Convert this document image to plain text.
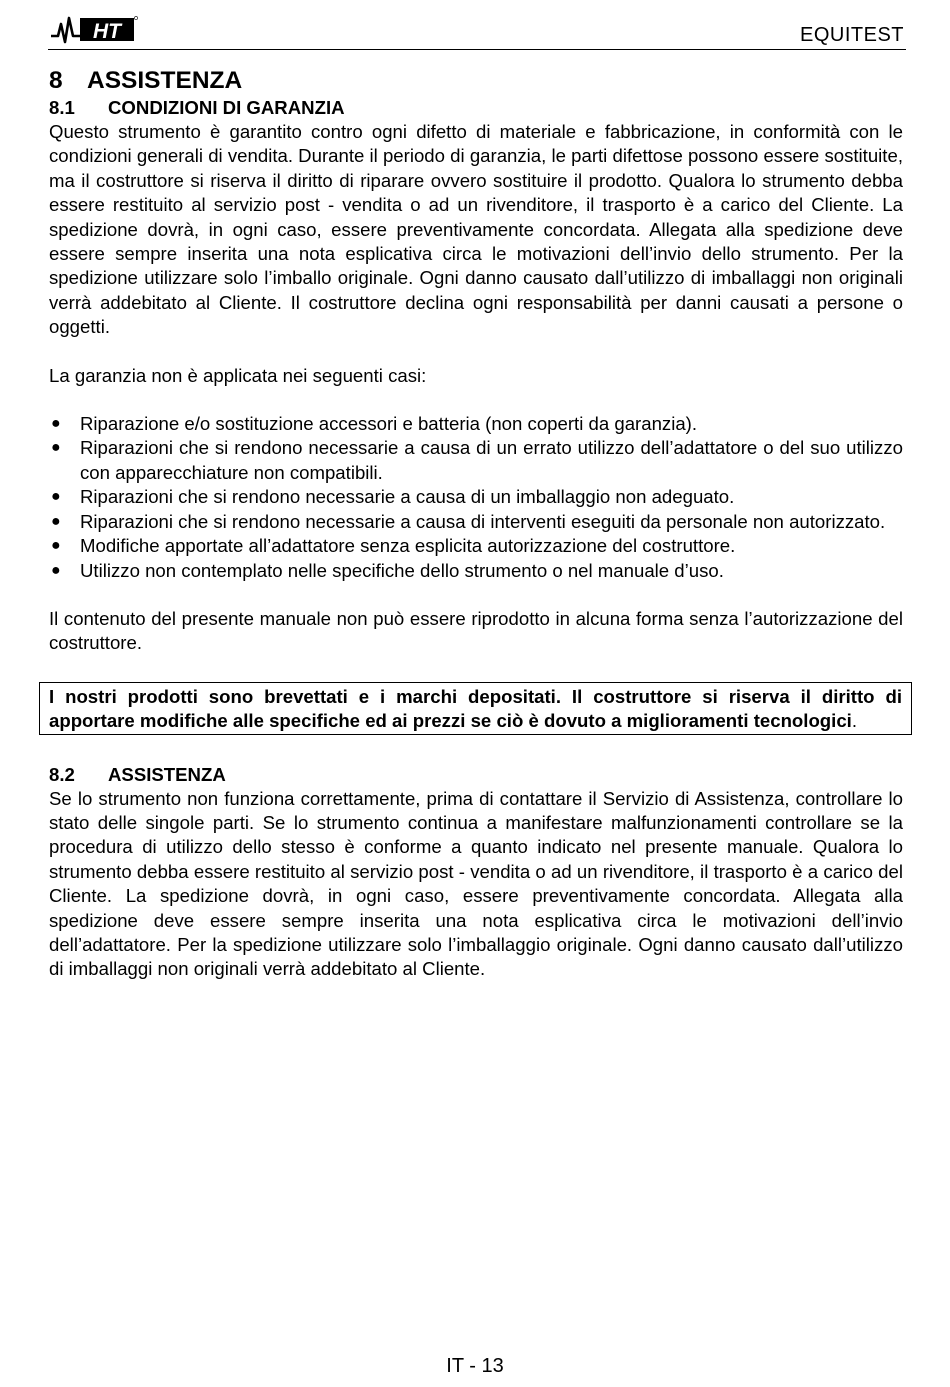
HT	EQUITEST
8 ASSISTENZA
8.1 CONDIZIONI DI GARANZIA

Questo strumento è garantito contro ogni difetto di materiale e fabbricazione, in conformità con le condizioni generali di vendita. Durante il periodo di garanzia, le parti difettose possono essere sostituite, ma il costruttore si riserva il diritto di riparare ovvero sostituire il prodotto. Qualora lo strumento debba essere restituito al servizio post - vendita o ad un rivenditore, il trasporto è a carico del Cliente. La spedizione dovrà, in ogni caso, essere preventivamente concordata. Allegata alla spedizione deve essere sempre inserita una nota esplicativa circa le motivazioni dell’invio dello strumento. Per la spedizione utilizzare solo l’imballo originale. Ogni danno causato dall’utilizzo di imballaggi non originali verrà addebitato al Cliente. Il costruttore declina ogni responsabilità per danni causati a persone o oggetti.

La garanzia non è applicata nei seguenti casi:

● Riparazione e/o sostituzione accessori e batteria (non coperti da garanzia).
● Riparazioni che si rendono necessarie a causa di un errato utilizzo dell’adattatore o del suo utilizzo con apparecchiature non compatibili.
● Riparazioni che si rendono necessarie a causa di un imballaggio non adeguato.
● Riparazioni che si rendono necessarie a causa di interventi eseguiti da personale non autorizzato.
● Modifiche apportate all’adattatore senza esplicita autorizzazione del costruttore.
● Utilizzo non contemplato nelle specifiche dello strumento o nel manuale d’uso.

Il contenuto del presente manuale non può essere riprodotto in alcuna forma senza l’autorizzazione del costruttore.

I nostri prodotti sono brevettati e i marchi depositati. Il costruttore si riserva il diritto di apportare modifiche alle specifiche ed ai prezzi se ciò è dovuto a miglioramenti tecnologici.
8.2 ASSISTENZA

Se lo strumento non funziona correttamente, prima di contattare il Servizio di Assistenza, controllare lo stato delle singole parti. Se lo strumento continua a manifestare malfunzionamenti controllare se la procedura di utilizzo dello stesso è conforme a quanto indicato nel presente manuale. Qualora lo strumento debba essere restituito al servizio post - vendita o ad un rivenditore, il trasporto è a carico del Cliente. La spedizione dovrà, in ogni caso, essere preventivamente concordata. Allegata alla spedizione deve essere sempre inserita una nota esplicativa circa le motivazioni dell’invio dell’adattatore. Per la spedizione utilizzare solo l’imballaggio originale. Ogni danno causato dall’utilizzo di imballaggi non originali verrà addebitato al Cliente.

IT - 13
